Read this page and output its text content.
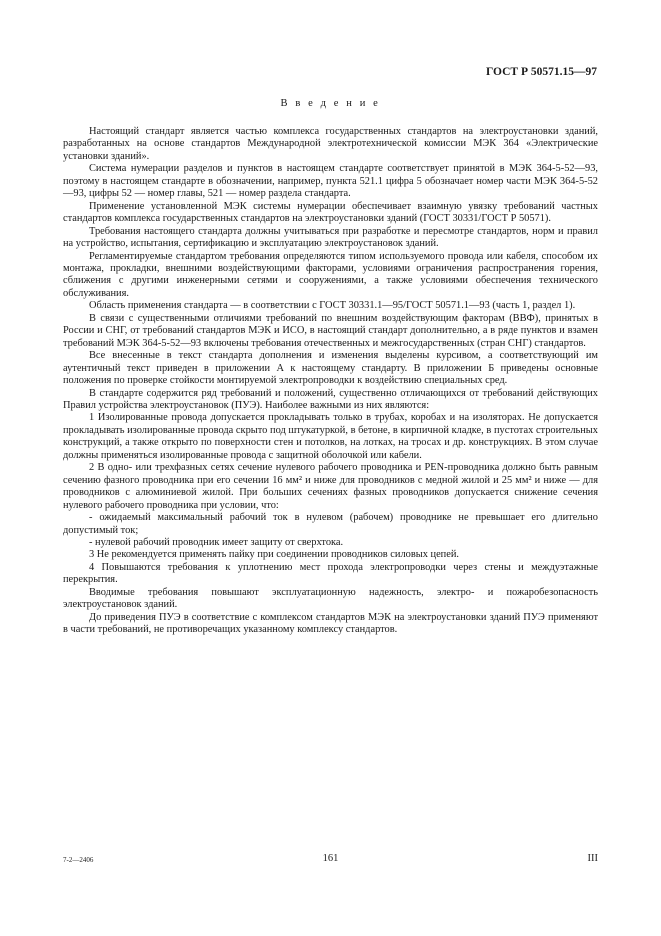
ГОСТ Р 50571.15—97
В в е д е н и е

Настоящий стандарт является частью комплекса государственных стандартов на электроустановки зданий, разработанных на основе стандартов Международной электротехнической комиссии МЭК 364 «Электрические установки зданий».

Система нумерации разделов и пунктов в настоящем стандарте соответствует принятой в МЭК 364-5-52—93, поэтому в настоящем стандарте в обозначении, например, пункта 521.1 цифра 5 обозначает номер части МЭК 364-5-52—93, цифры 52 — номер главы, 521 — номер раздела стандарта.

Применение установленной МЭК системы нумерации обеспечивает взаимную увязку требований частных стандартов комплекса государственных стандартов на электроустановки зданий (ГОСТ 30331/ГОСТ Р 50571).

Требования настоящего стандарта должны учитываться при разработке и пересмотре стандартов, норм и правил на устройство, испытания, сертификацию и эксплуатацию электроустановок зданий.

Регламентируемые стандартом требования определяются типом используемого провода или кабеля, способом их монтажа, прокладки, внешними воздействующими факторами, условиями ограничения распространения горения, сближения с другими инженерными сетями и сооружениями, а также условиями обеспечения технического обслуживания.

Область применения стандарта — в соответствии с ГОСТ 30331.1—95/ГОСТ 50571.1—93 (часть 1, раздел 1).

В связи с существенными отличиями требований по внешним воздействующим факторам (ВВФ), принятых в России и СНГ, от требований стандартов МЭК и ИСО, в настоящий стандарт дополнительно, а в ряде пунктов и взамен требований МЭК 364-5-52—93 включены требования отечественных и межгосударственных (стран СНГ) стандартов.

Все внесенные в текст стандарта дополнения и изменения выделены курсивом, а соответствующий им аутентичный текст приведен в приложении А к настоящему стандарту. В приложении Б приведены основные положения по проверке стойкости монтируемой электропроводки к воздействию специальных сред.

В стандарте содержится ряд требований и положений, существенно отличающихся от требований действующих Правил устройства электроустановок (ПУЭ). Наиболее важными из них являются:

1 Изолированные провода допускается прокладывать только в трубах, коробах и на изоляторах. Не допускается прокладывать изолированные провода скрыто под штукатуркой, в бетоне, в кирпичной кладке, в пустотах строительных конструкций, а также открыто по поверхности стен и потолков, на лотках, на тросах и др. конструкциях. В этом случае должны применяться изолированные провода с защитной оболочкой или кабели.

2 В одно- или трехфазных сетях сечение нулевого рабочего проводника и PEN-проводника должно быть равным сечению фазного проводника при его сечении 16 мм² и ниже для проводников с медной жилой и 25 мм² и ниже — для проводников с алюминиевой жилой. При больших сечениях фазных проводников допускается снижение сечения нулевого рабочего проводника при условии, что:

- ожидаемый максимальный рабочий ток в нулевом (рабочем) проводнике не превышает его длительно допустимый ток;

- нулевой рабочий проводник имеет защиту от сверхтока.

3 Не рекомендуется применять пайку при соединении проводников силовых цепей.

4 Повышаются требования к уплотнению мест прохода электропроводки через стены и междуэтажные перекрытия.

Вводимые требования повышают эксплуатационную надежность, электро- и пожаробезопасность электроустановок зданий.

До приведения ПУЭ в соответствие с комплексом стандартов МЭК на электроустановки зданий ПУЭ применяют в части требований, не противоречащих указанному комплексу стандартов.

7-2—2406	161	III
